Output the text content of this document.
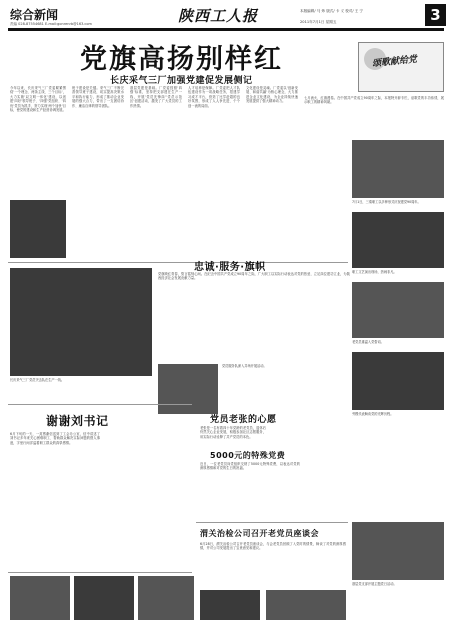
综合新闻
责编 028-87554681 E-mail:gonrenrb@163.com	陕西工人报	本版编辑/ 马 炜 版式/ 卡 义 校对/ 王 宁
2011年7月1日 星期五	3
党旗高扬别样红
长庆采气三厂加强党建促发展侧记
今年以来，长庆采气三厂党委紧紧围绕'一个理念、两条主线、三个目标'，大力实施'双文明一体化'建设，以创建'四好'领导班子、'四强'党组织、'四优'党员为抓手，努力实现'两个加快'目标，使党的建设和生产经营协调发展。
班子建设是关键。采气三厂不断完善领导班子建设，切实提高决策水平和执行能力，形成了推动企业发展的强大合力，带出了一支团结协作、廉洁自律的领导团队。
基层党建是基础。厂党委按照'四强'标准，坚持把支部建在生产一线，开展'党员先锋岗''党员示范区'创建活动，激发了广大党员的工作热情。
人才培养是保障。厂党委把人才队伍建设作为一项战略任务，搭建学习成才平台，营造了比学赶超的良好氛围，形成了人人争先进、个个创一流的局面。
文化建设是灵魂。厂党委以'创新发展、和谐共赢'为核心理念，大力推进企业文化建设，为企业持续快速发展提供了强大精神动力。
颂歌献给党
七月流火，红旗漫卷。在中国共产党成立90周年之际，本报特开辟专栏，讴歌党的丰功伟绩，展示职工的精神风貌。
7月1日，三秦职工以多种形式庆祝建党90周年。
职工文艺演出现场，热闹非凡。
老党员重温入党誓词。
劳模代表畅谈党的光辉历程。
基层党支部开展主题党日活动。
长庆采气三厂党员突击队在生产一线。
忠诚·服务·旗帜
党旗映红青春，誓言铭刻心间。在纪念中国共产党成立90周年之际，广大职工以实际行动表达对党的热爱，立足岗位建功立业，为陕西经济社会发展贡献力量。
党员服务队深入井场开展活动。
谢谢刘书记
6月下旬的一天，一封感谢信送到了工会办公室，信中讲述了刘书记多年来关心困难职工、帮助群众解决实际问题的感人事迹，字里行间洋溢着职工群众的真挚感情。
党员老张的心愿
老张是一名有着四十年党龄的老党员，退休后仍然关心企业发展，积极参加社区志愿服务，用实际行动诠释了共产党员的本色。
5000元的特殊党费
近日，一位老党员向党组织交纳了5000元特殊党费，以表达对党的深厚感情和对党的生日的祝福。
渭关治检公司召开老党员座谈会
6月28日，渭关治检公司召开老党员座谈会，与会老党员回顾了入党时的情景，畅谈了对党的深厚感情，并对公司发展提出了宝贵意见和建议。
